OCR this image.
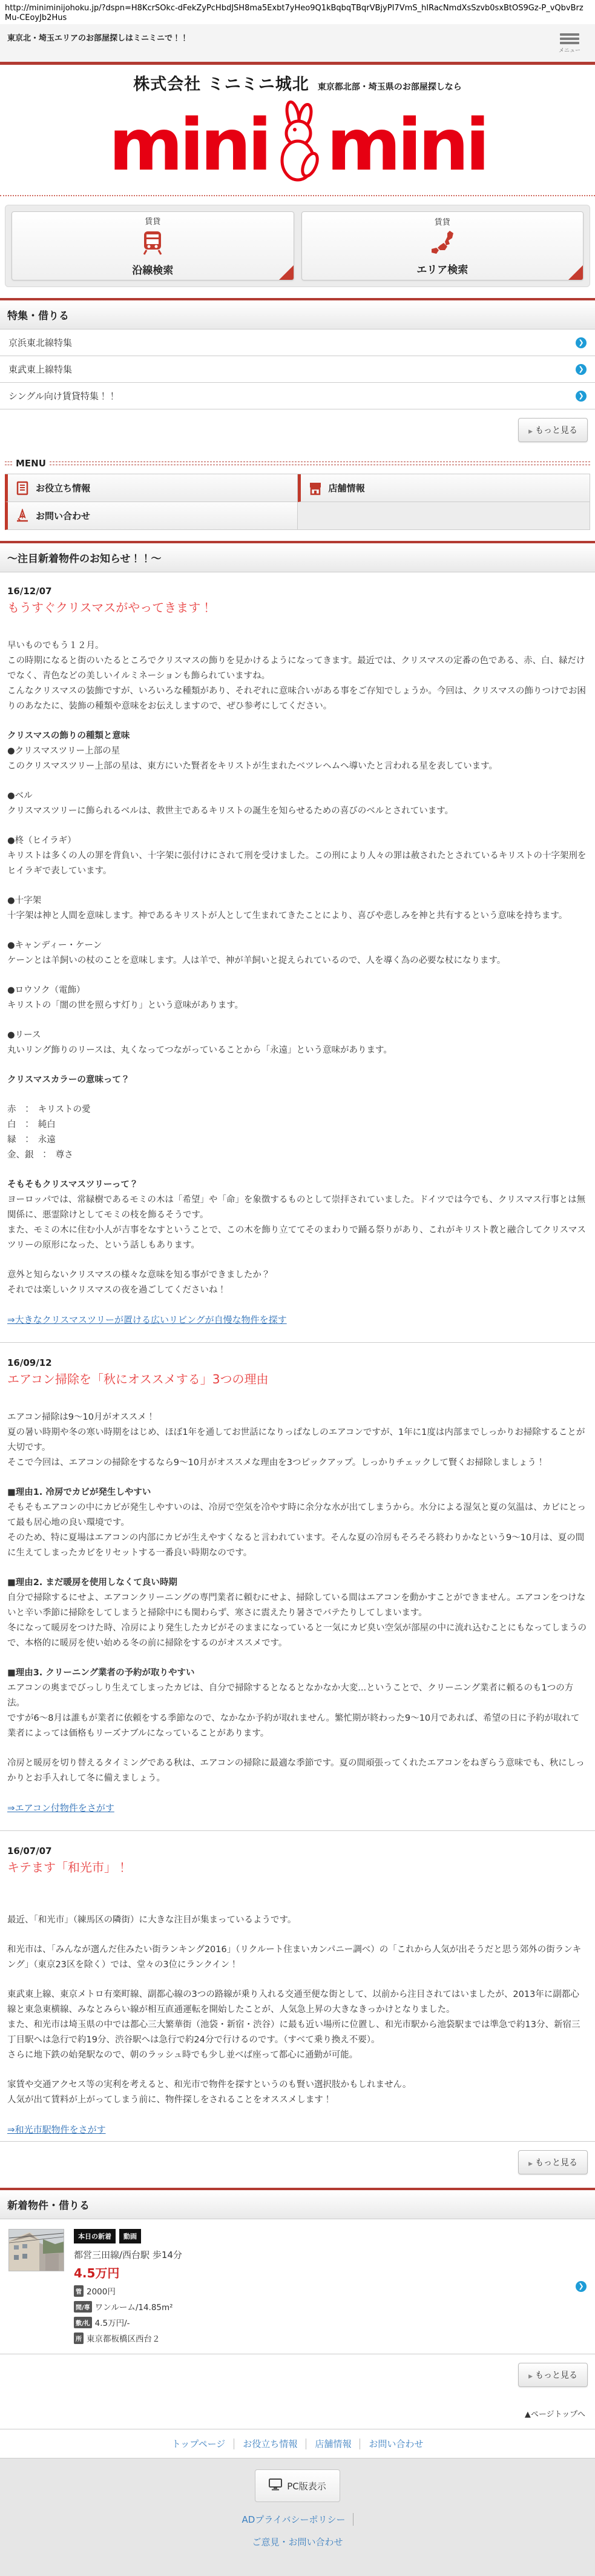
http://miniminijohoku.jp/?dspn=H8KcrSOkc-dFekZyPcHbdJSH8ma5Exbt7yHeo9Q1kBqbqTBqrVBjyPI7VmS_hIRacNmdXsSzvb0sxBtOS9Gz-P_vQbvBrzMu-CEoyJb2Hus
東京北・埼玉エリアのお部屋探しはミニミニで！！
メニュー
株式会社 ミニミニ城北 東京都北部・埼玉県のお部屋探しなら
mini mini
賃貸
沿線検索
賃貸
エリア検索
特集・借りる
京浜東北線特集	❯
東武東上線特集	❯
シングル向け賃貸特集！！	❯
▶ もっと見る
MENU
お役立ち情報	店舗情報
お問い合わせ
～注目新着物件のお知らせ！！～
16/12/07
もうすぐクリスマスがやってきます！

早いものでもう１２月。

この時期になると街のいたるところでクリスマスの飾りを見かけるようになってきます。最近では、クリスマスの定番の色である、赤、白、緑だけでなく、青色などの美しいイルミネーションも飾られていますね。

こんなクリスマスの装飾ですが、いろいろな種類があり、それぞれに意味合いがある事をご存知でしょうか。今回は、クリスマスの飾りつけでお困りのあなたに、装飾の種類や意味をお伝えしますので、ぜひ参考にしてください。

クリスマスの飾りの種類と意味

●クリスマスツリー上部の星

このクリスマスツリー上部の星は、東方にいた賢者をキリストが生まれたベツレヘムへ導いたと言われる星を表しています。

●ベル

クリスマスツリーに飾られるベルは、救世主であるキリストの誕生を知らせるための喜びのベルとされています。

●柊（ヒイラギ）

キリストは多くの人の罪を背負い、十字架に張付けにされて刑を受けました。この刑により人々の罪は赦されたとされているキリストの十字架刑をヒイラギで表しています。

●十字架

十字架は神と人間を意味します。神であるキリストが人として生まれてきたことにより、喜びや悲しみを神と共有するという意味を持ちます。

●キャンディー・ケーン

ケーンとは羊飼いの杖のことを意味します。人は羊で、神が羊飼いと捉えられているので、人を導く為の必要な杖になります。

●ロウソク（電飾）

キリストの「闇の世を照らす灯り」という意味があります。

●リース

丸いリング飾りのリースは、丸くなってつながっていることから「永遠」という意味があります。

クリスマスカラーの意味って？

赤　：　キリストの愛

白　：　純白

緑　：　永遠

金、銀　：　尊さ

そもそもクリスマスツリーって？

ヨーロッパでは、常緑樹であるモミの木は「希望」や「命」を象徴するものとして崇拝されていました。ドイツでは今でも、クリスマス行事とは無関係に、悪霊除けとしてモミの枝を飾るそうです。

また、モミの木に住む小人が吉事をなすということで、この木を飾り立ててそのまわりで踊る祭りがあり、これがキリスト教と融合してクリスマスツリーの原形になった、という話しもあります。

意外と知らないクリスマスの様々な意味を知る事ができましたか？

それでは楽しいクリスマスの夜を過ごしてくださいね！

⇒大きなクリスマスツリーが置ける広いリビングが自慢な物件を探す
16/09/12
エアコン掃除を「秋にオススメする」3つの理由

エアコン掃除は9～10月がオススメ！

夏の暑い時期や冬の寒い時期をはじめ、ほぼ1年を通してお世話になりっぱなしのエアコンですが、1年に1度は内部までしっかりお掃除することが大切です。

そこで今回は、エアコンの掃除をするなら9～10月がオススメな理由を3つピックアップ。しっかりチェックして賢くお掃除しましょう！

■理由1. 冷房でカビが発生しやすい

そもそもエアコンの中にカビが発生しやすいのは、冷房で空気を冷やす時に余分な水が出てしまうから。水分による湿気と夏の気温は、カビにとって最も居心地の良い環境です。

そのため、特に夏場はエアコンの内部にカビが生えやすくなると言われています。そんな夏の冷房もそろそろ終わりかなという9～10月は、夏の間に生えてしまったカビをリセットする一番良い時期なのです。

■理由2. まだ暖房を使用しなくて良い時期

自分で掃除するにせよ、エアコンクリーニングの専門業者に頼むにせよ、掃除している間はエアコンを動かすことができません。エアコンをつけないと辛い季節に掃除をしてしまうと掃除中にも関わらず、寒さに震えたり暑さでバテたりしてしまいます。

冬になって暖房をつけた時、冷房により発生したカビがそのままになっていると一気にカビ臭い空気が部屋の中に流れ込むことにもなってしまうので、本格的に暖房を使い始める冬の前に掃除をするのがオススメです。

■理由3. クリーニング業者の予約が取りやすい

エアコンの奥までびっしり生えてしまったカビは、自分で掃除するとなるとなかなか大変...ということで、クリーニング業者に頼るのも1つの方法。

ですが6～8月は誰もが業者に依頼をする季節なので、なかなか予約が取れません。繁忙期が終わった9～10月であれば、希望の日に予約が取れて業者によっては価格もリーズナブルになっていることがあります。

冷房と暖房を切り替えるタイミングである秋は、エアコンの掃除に最適な季節です。夏の間頑張ってくれたエアコンをねぎらう意味でも、秋にしっかりとお手入れして冬に備えましょう。

⇒エアコン付物件をさがす
16/07/07
キテます「和光市」！

最近、「和光市」（練馬区の隣街）に大きな注目が集まっているようです。

和光市は、「みんなが選んだ住みたい街ランキング2016」（リクルート住まいカンパニー調べ）の「これから人気が出そうだと思う郊外の街ランキング」（東京23区を除く）では、堂々の3位にランクイン！

東武東上線、東京メトロ有楽町線、副都心線の3つの路線が乗り入れる交通至便な街として、以前から注目されてはいましたが、2013年に副都心線と東急東横線、みなとみらい線が相互直通運転を開始したことが、人気急上昇の大きなきっかけとなりました。

また、和光市は埼玉県の中では都心三大繁華街（池袋・新宿・渋谷）に最も近い場所に位置し、和光市駅から池袋駅までは準急で約13分、新宿三丁目駅へは急行で約19分、渋谷駅へは急行で約24分で行けるのです。（すべて乗り換え不要）。

さらに地下鉄の始発駅なので、朝のラッシュ時でも少し並べば座って都心に通勤が可能。

家賃や交通アクセス等の実利を考えると、和光市で物件を探すというのも賢い選択肢かもしれません。

人気が出て賃料が上がってしまう前に、物件探しをされることをオススメします！

⇒和光市駅物件をさがす
▶ もっと見る
新着物件・借りる
本日の新着 動画
都営三田線/西台駅 歩14分
4.5万円
管 2000円
間/専 ワンルーム/14.85m²
敷/礼 4.5万円/-
所 東京都板橋区西台２
❯
▶ もっと見る
▲ページトップへ
トップページ お役立ち情報 店舗情報 お問い合わせ
PC版表示
ADプライバシーポリシー
ご意見・お問い合わせ
